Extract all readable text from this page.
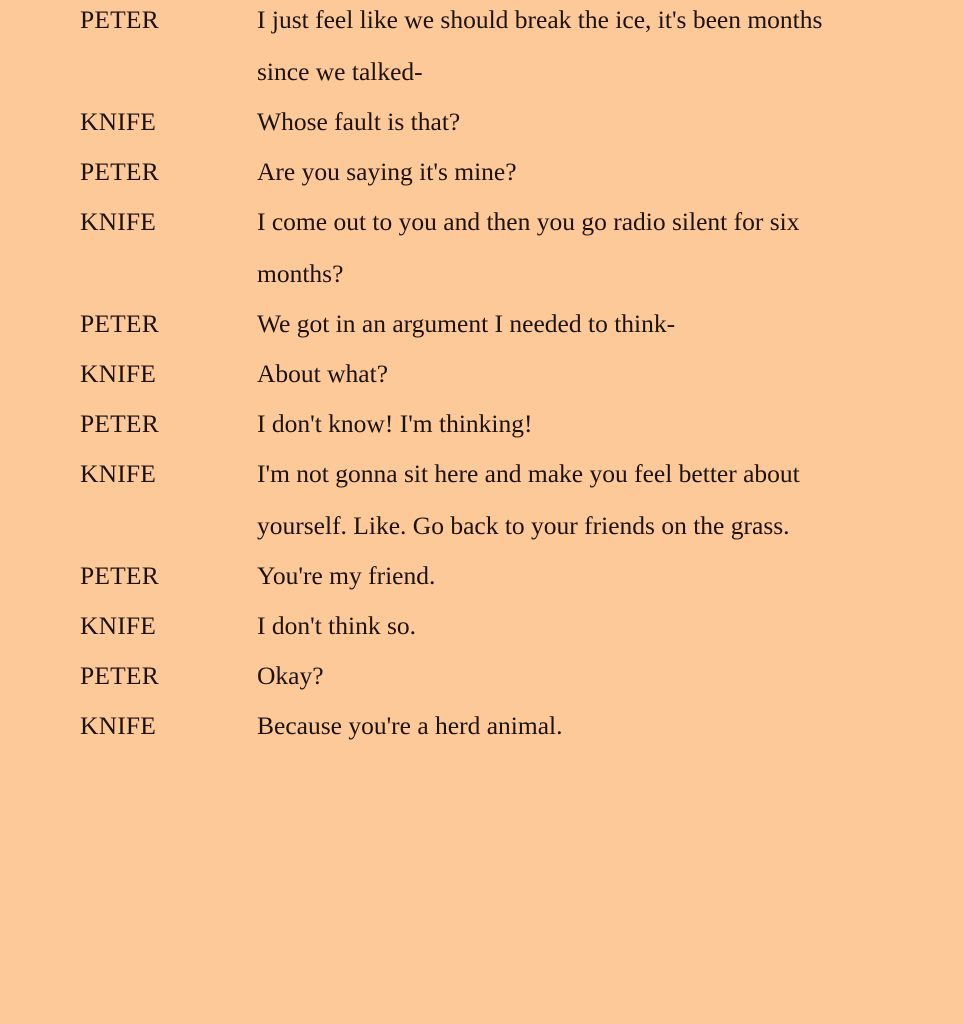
PETER	I just feel like we should break the ice, it's been months since we talked-
KNIFE	Whose fault is that?
PETER	Are you saying it's mine?
KNIFE	I come out to you and then you go radio silent for six months?
PETER	We got in an argument I needed to think-
KNIFE	About what?
PETER	I don't know! I'm thinking!
KNIFE	I'm not gonna sit here and make you feel better about yourself. Like. Go back to your friends on the grass.
PETER	You're my friend.
KNIFE	I don't think so.
PETER	Okay?
KNIFE	Because you're a herd animal.
